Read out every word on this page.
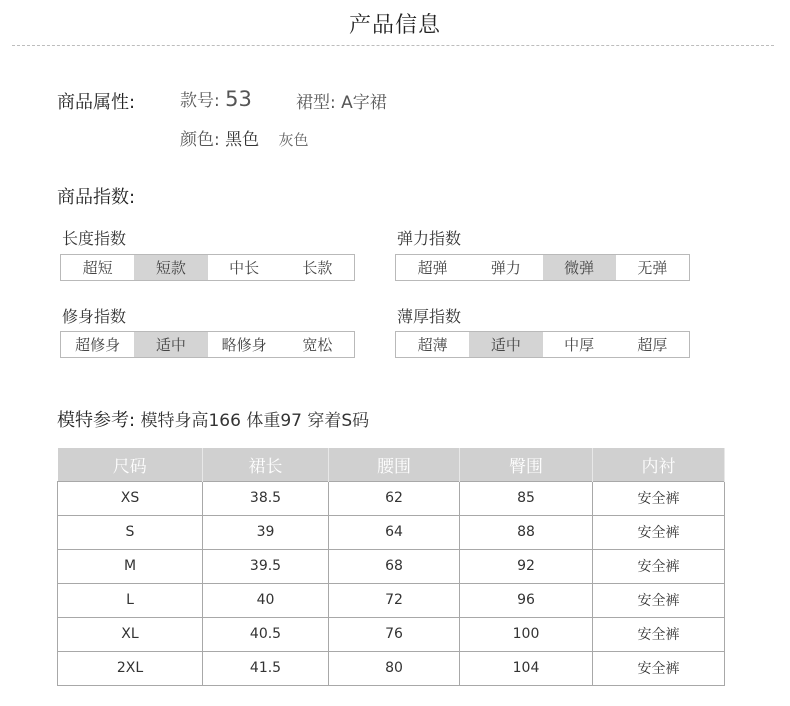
产品信息
商品属性:	款号: 53	裙型: A字裙
颜色: 黑色 灰色
商品指数:
长度指数
超短	短款	中长	长款
弹力指数
超弹	弹力	微弹	无弹
修身指数
超修身	适中	略修身	宽松
薄厚指数
超薄	适中	中厚	超厚
模特参考: 模特身高166 体重97 穿着S码
尺码	裙长	腰围	臀围	内衬
XS	38.5	62	85	安全裤
S	39	64	88	安全裤
M	39.5	68	92	安全裤
L	40	72	96	安全裤
XL	40.5	76	100	安全裤
2XL	41.5	80	104	安全裤
